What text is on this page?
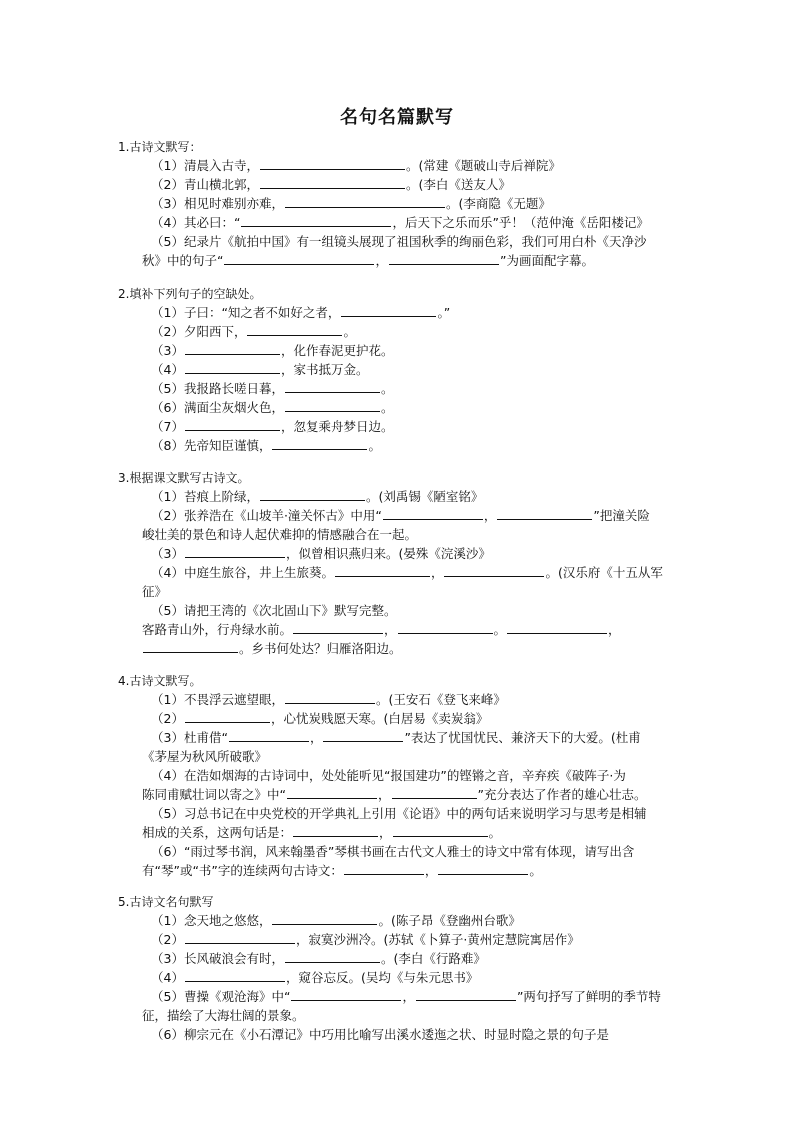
名句名篇默写
1.古诗文默写：
（1）清晨入古寺，	。(常建《题破山寺后禅院》
（2）青山横北郭，	。(李白《送友人》
（3）相见时难别亦难，	。(李商隐《无题》
（4）其必曰：“	，后天下之乐而乐”乎！（范仲淹《岳阳楼记》
（5）纪录片《航拍中国》有一组镜头展现了祖国秋季的绚丽色彩，我们可用白朴《天净沙
秋》中的句子“	，	”为画面配字幕。
2.填补下列句子的空缺处。
（1）子曰：“知之者不如好之者，	。”
（2）夕阳西下，	。
（3）	，化作春泥更护花。
（4）	，家书抵万金。
（5）我报路长嗟日暮，	。
（6）满面尘灰烟火色，	。
（7）	，忽复乘舟梦日边。
（8）先帝知臣谨慎，	。
3.根据课文默写古诗文。
（1）苔痕上阶绿，	。(刘禹锡《陋室铭》
（2）张养浩在《山坡羊·潼关怀古》中用“	，	”把潼关险
峻壮美的景色和诗人起伏难抑的情感融合在一起。
（3）	，似曾相识燕归来。(晏殊《浣溪沙》
（4）中庭生旅谷，井上生旅葵。	，	。(汉乐府《十五从军
征》
（5）请把王湾的《次北固山下》默写完整。
客路青山外，行舟绿水前。	，	。	，
。乡书何处达？归雁洛阳边。
4.古诗文默写。
（1）不畏浮云遮望眼，	。(王安石《登飞来峰》
（2）	，心忧炭贱愿天寒。(白居易《卖炭翁》
（3）杜甫借“	，	”表达了忧国忧民、兼济天下的大爱。(杜甫
《茅屋为秋风所破歌》
（4）在浩如烟海的古诗词中，处处能听见“报国建功”的铿锵之音，辛弃疾《破阵子·为
陈同甫赋壮词以寄之》中“	，	”充分表达了作者的雄心壮志。
（5）习总书记在中央党校的开学典礼上引用《论语》中的两句话来说明学习与思考是相辅
相成的关系，这两句话是：	，	。
（6）“雨过琴书润，风来翰墨香”琴棋书画在古代文人雅士的诗文中常有体现，请写出含
有“琴”或“书”字的连续两句古诗文：	，	。
5.古诗文名句默写
（1）念天地之悠悠，	。(陈子昂《登幽州台歌》
（2）	，寂寞沙洲冷。(苏轼《卜算子·黄州定慧院寓居作》
（3）长风破浪会有时，	。(李白《行路难》
（4）	，窥谷忘反。(吴均《与朱元思书》
（5）曹操《观沧海》中“	，	”两句抒写了鲜明的季节特
征，描绘了大海壮阔的景象。
（6）柳宗元在《小石潭记》中巧用比喻写出溪水逶迤之状、时显时隐之景的句子是
